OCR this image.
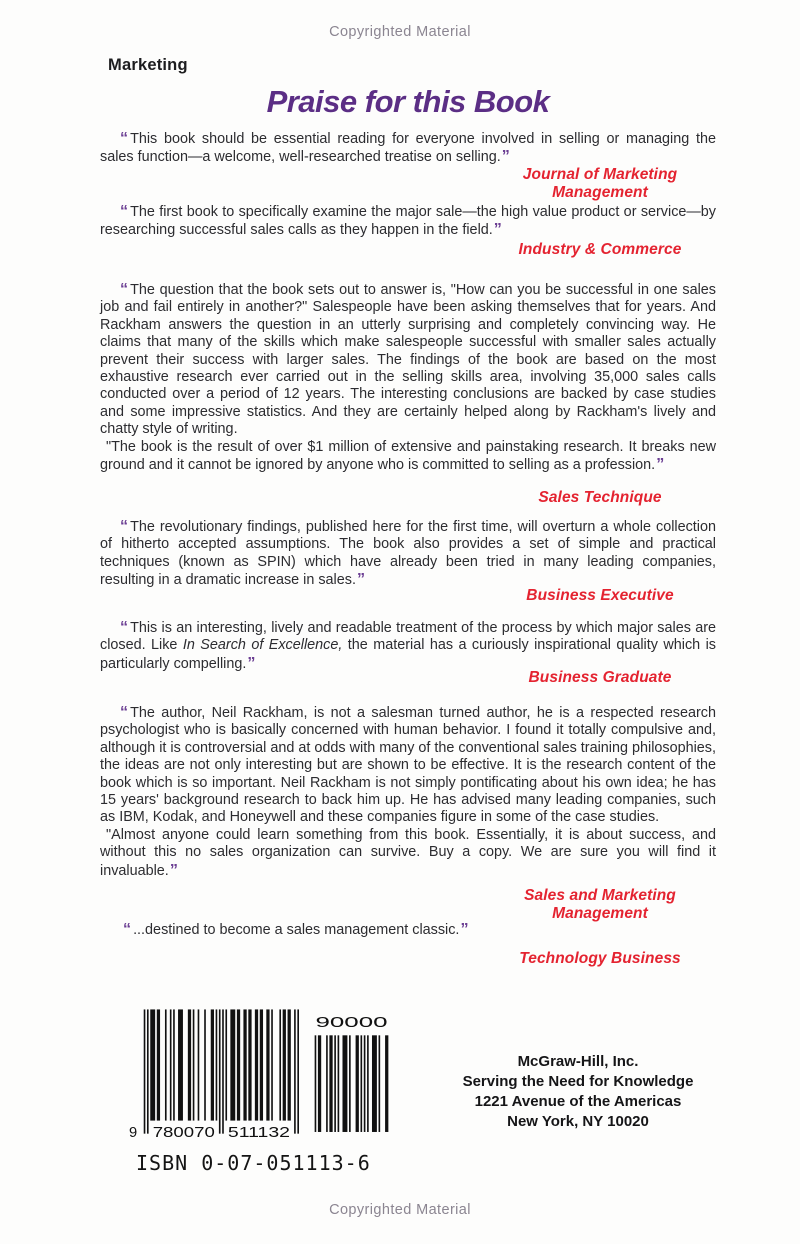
Copyrighted Material
Marketing
Praise for this Book
“ This book should be essential reading for everyone involved in selling or managing the sales function—a welcome, well-researched treatise on selling.”
Journal of Marketing Management
“ The first book to specifically examine the major sale—the high value product or service—by researching successful sales calls as they happen in the field.”
Industry & Commerce
“ The question that the book sets out to answer is, "How can you be successful in one sales job and fail entirely in another?" Salespeople have been asking themselves that for years. And Rackham answers the question in an utterly surprising and completely convincing way. He claims that many of the skills which make salespeople successful with smaller sales actually prevent their success with larger sales. The findings of the book are based on the most exhaustive research ever carried out in the selling skills area, involving 35,000 sales calls conducted over a period of 12 years. The interesting conclusions are backed by case studies and some impressive statistics. And they are certainly helped along by Rackham's lively and chatty style of writing.
"The book is the result of over $1 million of extensive and painstaking research. It breaks new ground and it cannot be ignored by anyone who is committed to selling as a profession.”
Sales Technique
“ The revolutionary findings, published here for the first time, will overturn a whole collection of hitherto accepted assumptions. The book also provides a set of simple and practical techniques (known as SPIN) which have already been tried in many leading companies, resulting in a dramatic increase in sales.”
Business Executive
“ This is an interesting, lively and readable treatment of the process by which major sales are closed. Like In Search of Excellence, the material has a curiously inspirational quality which is particularly compelling.”
Business Graduate
“ The author, Neil Rackham, is not a salesman turned author, he is a respected research psychologist who is basically concerned with human behavior. I found it totally compulsive and, although it is controversial and at odds with many of the conventional sales training philosophies, the ideas are not only interesting but are shown to be effective. It is the research content of the book which is so important. Neil Rackham is not simply pontificating about his own idea; he has 15 years' background research to back him up. He has advised many leading companies, such as IBM, Kodak, and Honeywell and these companies figure in some of the case studies.
"Almost anyone could learn something from this book. Essentially, it is about success, and without this no sales organization can survive. Buy a copy. We are sure you will find it invaluable.”
Sales and Marketing Management
“ ...destined to become a sales management classic.”
Technology Business
9 780070 511132
90000
ISBN 0-07-051113-6
McGraw-Hill, Inc.
Serving the Need for Knowledge
1221 Avenue of the Americas
New York, NY 10020
Copyrighted Material
